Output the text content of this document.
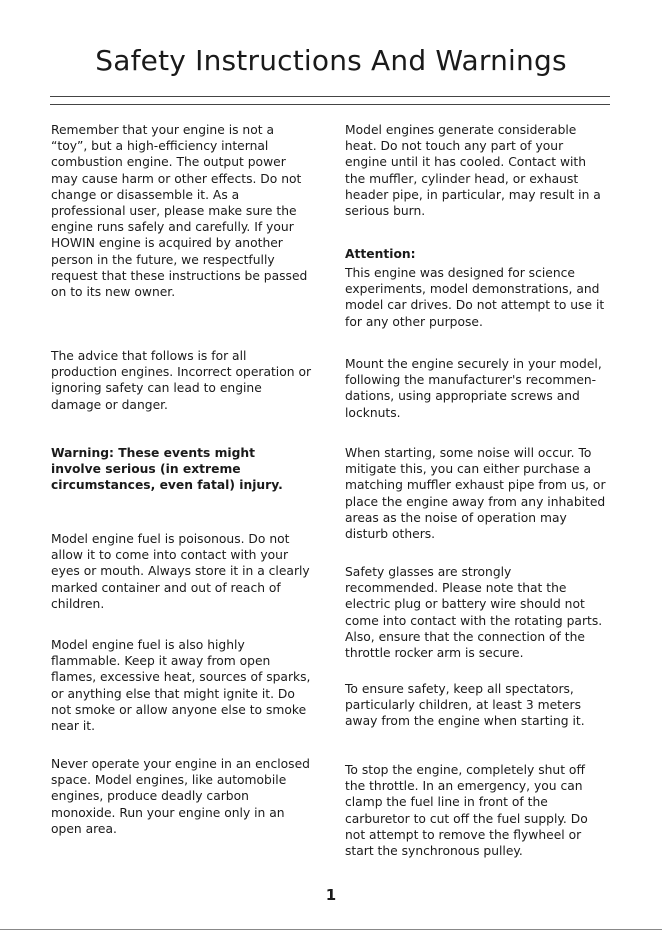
Safety Instructions And Warnings

Remember that your engine is not a “toy”, but a high-efficiency internal combustion engine. The output power may cause harm or other effects. Do not change or disassemble it. As a professional user, please make sure the engine runs safely and carefully. If your HOWIN engine is acquired by another person in the future, we respectfully request that these instructions be passed on to its new owner.

The advice that follows is for all production engines. Incorrect operation or ignoring safety can lead to engine damage or danger.

Warning: These events might involve serious (in extreme circumstances, even fatal) injury.

Model engine fuel is poisonous. Do not allow it to come into contact with your eyes or mouth. Always store it in a clearly marked container and out of reach of children.

Model engine fuel is also highly flammable. Keep it away from open flames, excessive heat, sources of sparks, or anything else that might ignite it. Do not smoke or allow anyone else to smoke near it.

Never operate your engine in an enclosed space. Model engines, like automobile engines, produce deadly carbon monoxide. Run your engine only in an open area.

Model engines generate considerable heat. Do not touch any part of your engine until it has cooled. Contact with the muffler, cylinder head, or exhaust header pipe, in particular, may result in a serious burn.

Attention:

This engine was designed for science experiments, model demonstrations, and model car drives. Do not attempt to use it for any other purpose.

Mount the engine securely in your model, following the manufacturer's recommen-dations, using appropriate screws and locknuts.

When starting, some noise will occur. To mitigate this, you can either purchase a matching muffler exhaust pipe from us, or place the engine away from any inhabited areas as the noise of operation may disturb others.

Safety glasses are strongly recommended. Please note that the electric plug or battery wire should not come into contact with the rotating parts. Also, ensure that the connection of the throttle rocker arm is secure.

To ensure safety, keep all spectators, particularly children, at least 3 meters away from the engine when starting it.

To stop the engine, completely shut off the throttle. In an emergency, you can clamp the fuel line in front of the carburetor to cut off the fuel supply. Do not attempt to remove the flywheel or start the synchronous pulley.

1
